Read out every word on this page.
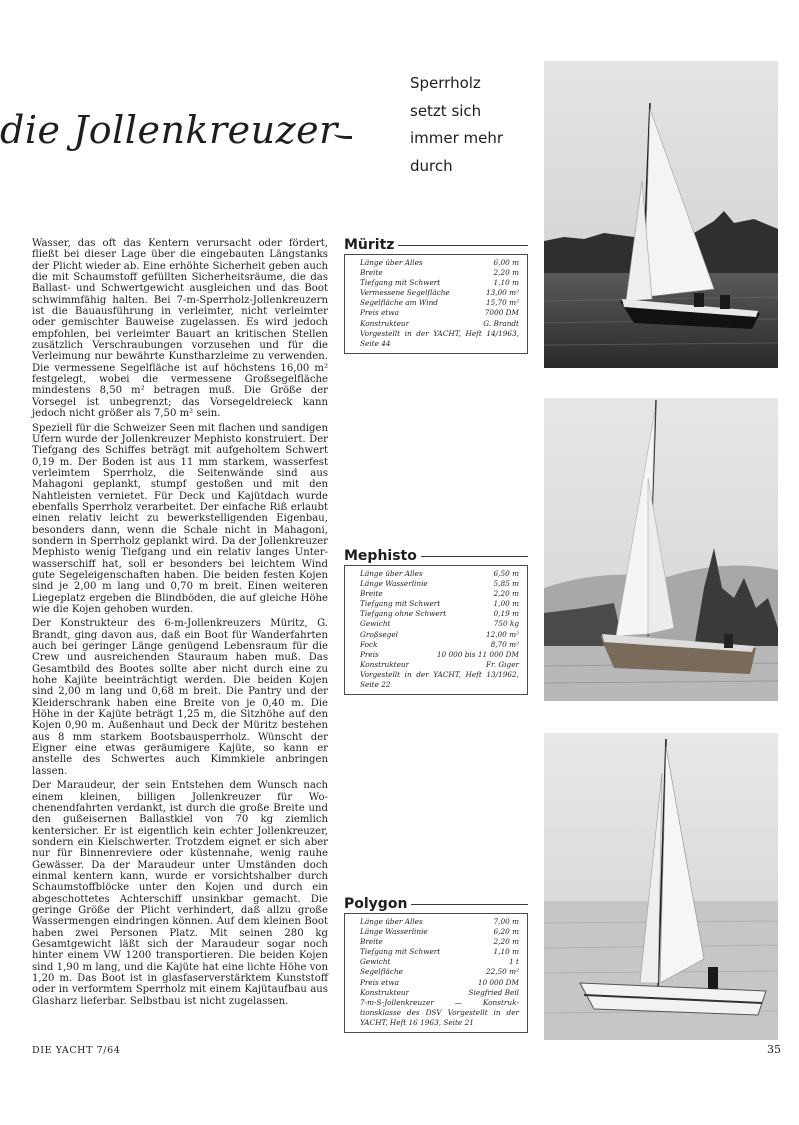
die Jollenkreuzer
Sperrholz
setzt sich
immer mehr
durch

Wasser, das oft das Kentern verursacht oder fördert, fließt bei dieser Lage über die eingebauten Längstanks der Plicht wieder ab. Eine erhöhte Sicherheit geben auch die mit Schaumstoff gefüllten Sicherheitsräume, die das Ballast- und Schwertgewicht ausgleichen und das Boot schwimmfähig halten. Bei 7-m-Sperrholz-Jollenkreuzern ist die Bauausführung in verleimter, nicht verleimter oder gemischter Bauweise zugelassen. Es wird jedoch empfohlen, bei verleimter Bauart an kritischen Stellen zusätzlich Verschraubungen vorzusehen und für die Verleimung nur bewährte Kunstharzleime zu verwenden. Die vermessene Segelfläche ist auf höchstens 16,00 m² festgelegt, wobei die vermessene Großsegelfläche mindestens 8,50 m² betragen muß. Die Größe der Vorsegel ist unbegrenzt; das Vorsegeldreieck kann jedoch nicht größer als 7,50 m² sein.

Speziell für die Schweizer Seen mit flachen und sandigen Ufern wurde der Jollenkreuzer Mephisto konstruiert. Der Tiefgang des Schiffes beträgt mit aufgeholtem Schwert 0,19 m. Der Boden ist aus 11 mm starkem, wasserfest verleimtem Sperrholz, die Seitenwände sind aus Mahagoni geplankt, stumpf gestoßen und mit den Nahtleisten vernietet. Für Deck und Kajütdach wurde ebenfalls Sperrholz verarbeitet. Der einfache Riß erlaubt einen relativ leicht zu bewerkstelligenden Eigenbau, besonders dann, wenn die Schale nicht in Mahagoni, sondern in Sperrholz geplankt wird. Da der Jollenkreuzer Mephisto wenig Tiefgang und ein relativ langes Unterwasserschiff hat, soll er besonders bei leichtem Wind gute Segeleigenschaften haben. Die beiden festen Kojen sind je 2,00 m lang und 0,70 m breit. Einen weiteren Liegeplatz ergeben die Blindböden, die auf gleiche Höhe wie die Kojen gehoben wurden.

Der Konstrukteur des 6-m-Jollenkreuzers Müritz, G. Brandt, ging davon aus, daß ein Boot für Wanderfahrten auch bei geringer Länge genügend Lebensraum für die Crew und ausreichenden Stauraum haben muß. Das Gesamtbild des Bootes sollte aber nicht durch eine zu hohe Kajüte beeinträchtigt werden. Die beiden Kojen sind 2,00 m lang und 0,68 m breit. Die Pantry und der Kleiderschrank haben eine Breite von je 0,40 m. Die Höhe in der Kajüte beträgt 1,25 m, die Sitzhöhe auf den Kojen 0,90 m. Außenhaut und Deck der Müritz bestehen aus 8 mm starkem Bootsbausperrholz. Wünscht der Eigner eine etwas geräumigere Kajüte, so kann er anstelle des Schwertes auch Kimmkiele anbringen lassen.

Der Maraudeur, der sein Entstehen dem Wunsch nach einem kleinen, billigen Jollenkreuzer für Wochenendfahrten verdankt, ist durch die große Breite und den gußeisernen Ballastkiel von 70 kg ziemlich kentersicher. Er ist eigentlich kein echter Jollenkreuzer, sondern ein Kielschwerter. Trotzdem eignet er sich aber nur für Binnenreviere oder küstennahe, wenig rauhe Gewässer. Da der Maraudeur unter Umständen doch einmal kentern kann, wurde er vorsichtshalber durch Schaumstoffblöcke unter den Kojen und durch ein abgeschottetes Achterschiff unsinkbar gemacht. Die geringe Größe der Plicht verhindert, daß allzu große Wassermengen eindringen können. Auf dem kleinen Boot haben zwei Personen Platz. Mit seinen 280 kg Gesamtgewicht läßt sich der Maraudeur sogar noch hinter einem VW 1200 transportieren. Die beiden Kojen sind 1,90 m lang, und die Kajüte hat eine lichte Höhe von 1,20 m. Das Boot ist in glasfaserverstärktem Kunststoff oder in verformtem Sperrholz mit einem Kajütaufbau aus Glasharz lieferbar. Selbstbau ist nicht zugelassen.

Müritz
Länge über Alles	6,00 m
Breite	2,20 m
Tiefgang mit Schwert	1,10 m
Vermessene Segelfläche	13,00 m²
Segelfläche am Wind	15,70 m²
Preis etwa	7000 DM
Konstrukteur	G. Brandt
Vorgestellt in der YACHT, Heft 14/1963, Seite 44
Mephisto
Länge über Alles	6,50 m
Länge Wasserlinie	5,85 m
Breite	2,20 m
Tiefgang mit Schwert	1,00 m
Tiefgang ohne Schwert	0,19 m
Gewicht	750 kg
Großsegel	12,00 m²
Fock	8,70 m²
Preis	10 000 bis 11 000 DM
Konstrukteur	Fr. Giger
Vorgestellt in der YACHT, Heft 13/1962, Seite 22
Polygon
Länge über Alles	7,00 m
Länge Wasserlinie	6,20 m
Breite	2,20 m
Tiefgang mit Schwert	1,10 m
Gewicht	1 t
Segelfläche	22,50 m²
Preis etwa	10 000 DM
Konstrukteur	Siegfried Beil
7-m-S-Jollenkreuzer — Konstruktionsklasse des DSV Vorgestellt in der YACHT, Heft 16 1963, Seite 21
DIE YACHT 7/64	35
